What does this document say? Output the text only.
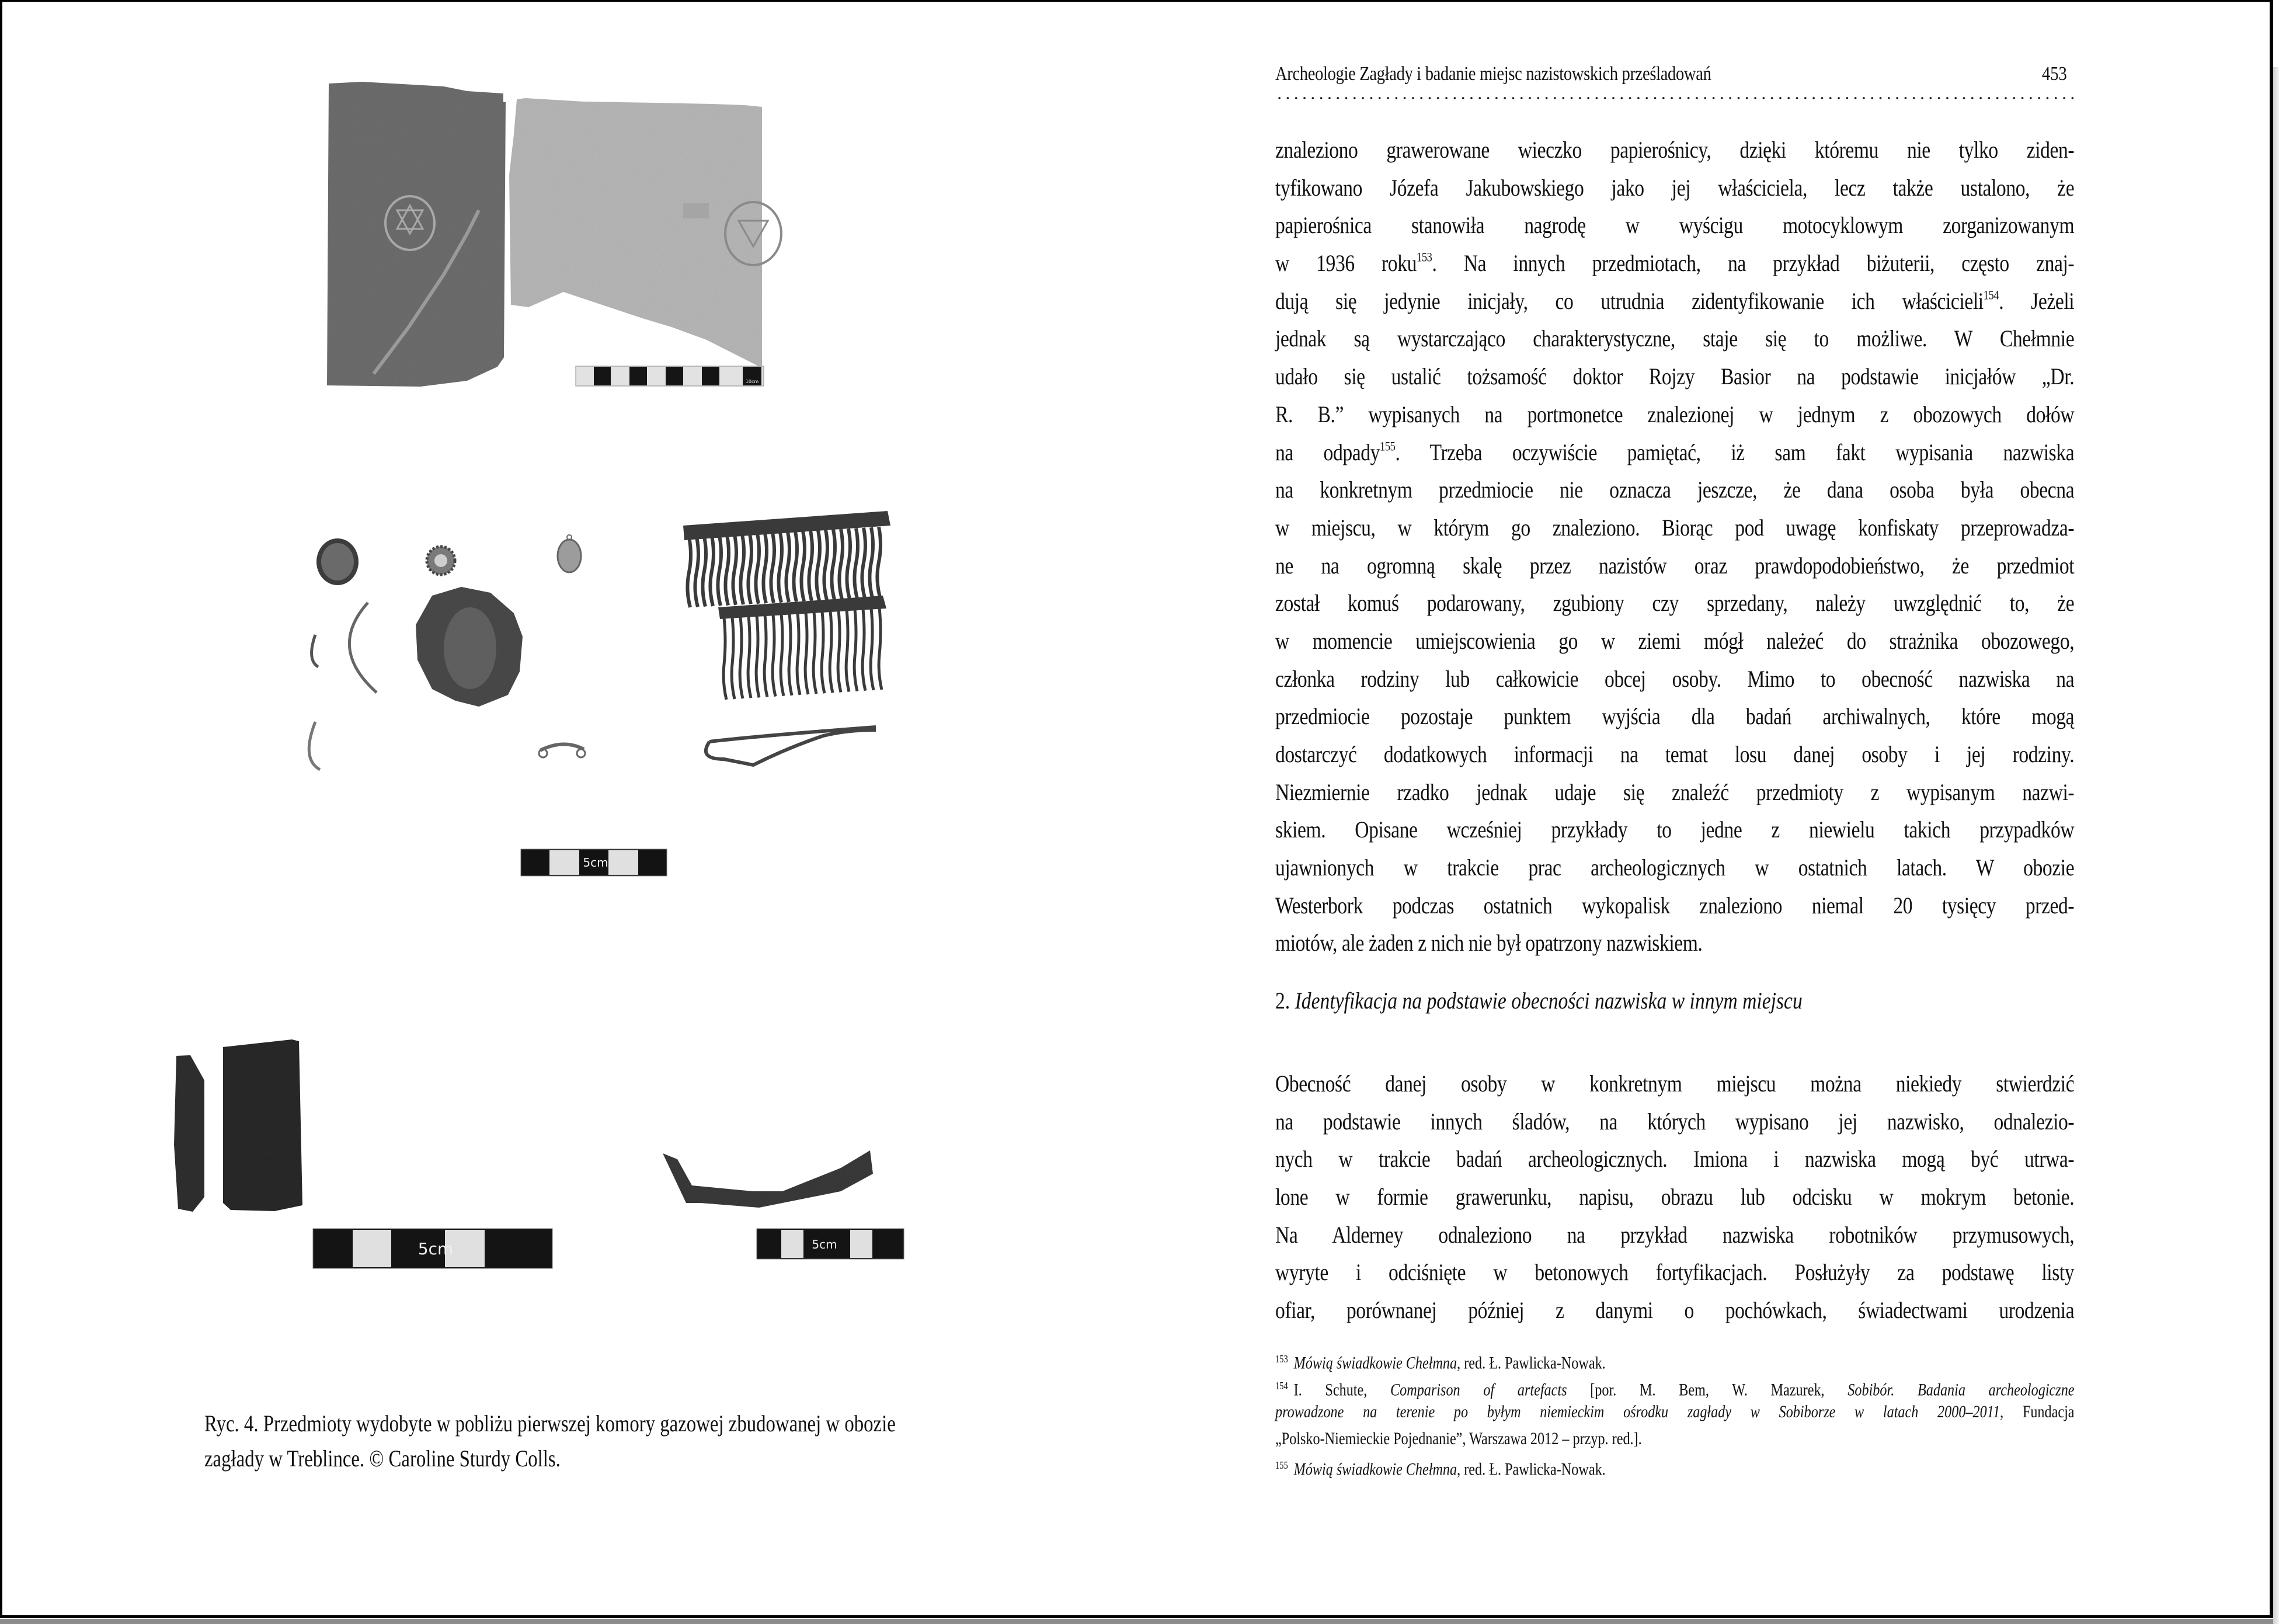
10cm
5cm
5cm	5cm
Ryc. 4. Przedmioty wydobyte w pobliżu pierwszej komory gazowej zbudowanej w obozie
zagłady w Treblince. © Caroline Sturdy Colls.
Archeologie Zagłady i badanie miejsc nazistowskich prześladowań	453
znaleziono grawerowane wieczko papierośnicy, dzięki któremu nie tylko ziden-
tyfikowano Józefa Jakubowskiego jako jej właściciela, lecz także ustalono, że
papierośnica stanowiła nagrodę w wyścigu motocyklowym zorganizowanym
w 1936 roku$^{153}$. Na innych przedmiotach, na przykład biżuterii, często znaj-
dują się jedynie inicjały, co utrudnia zidentyfikowanie ich właścicieli$^{154}$. Jeżeli
jednak są wystarczająco charakterystyczne, staje się to możliwe. W Chełmnie
udało się ustalić tożsamość doktor Rojzy Basior na podstawie inicjałów „Dr.
R. B.” wypisanych na portmonetce znalezionej w jednym z obozowych dołów
na odpady$^{155}$. Trzeba oczywiście pamiętać, iż sam fakt wypisania nazwiska
na konkretnym przedmiocie nie oznacza jeszcze, że dana osoba była obecna
w miejscu, w którym go znaleziono. Biorąc pod uwagę konfiskaty przeprowadza-
ne na ogromną skalę przez nazistów oraz prawdopodobieństwo, że przedmiot
został komuś podarowany, zgubiony czy sprzedany, należy uwzględnić to, że
w momencie umiejscowienia go w ziemi mógł należeć do strażnika obozowego,
członka rodziny lub całkowicie obcej osoby. Mimo to obecność nazwiska na
przedmiocie pozostaje punktem wyjścia dla badań archiwalnych, które mogą
dostarczyć dodatkowych informacji na temat losu danej osoby i jej rodziny.
Niezmiernie rzadko jednak udaje się znaleźć przedmioty z wypisanym nazwi-
skiem. Opisane wcześniej przykłady to jedne z niewielu takich przypadków
ujawnionych w trakcie prac archeologicznych w ostatnich latach. W obozie
Westerbork podczas ostatnich wykopalisk znaleziono niemal 20 tysięcy przed-
miotów, ale żaden z nich nie był opatrzony nazwiskiem.
2. Identyfikacja na podstawie obecności nazwiska w innym miejscu
Obecność danej osoby w konkretnym miejscu można niekiedy stwierdzić
na podstawie innych śladów, na których wypisano jej nazwisko, odnalezio-
nych w trakcie badań archeologicznych. Imiona i nazwiska mogą być utrwa-
lone w formie grawerunku, napisu, obrazu lub odcisku w mokrym betonie.
Na Alderney odnaleziono na przykład nazwiska robotników przymusowych,
wyryte i odciśnięte w betonowych fortyfikacjach. Posłużyły za podstawę listy
ofiar, porównanej później z danymi o pochówkach, świadectwami urodzenia
$^{153}$ Mówią świadkowie Chełmna, red. Ł. Pawlicka-Nowak.
$^{154}$ I. Schute, Comparison of artefacts [por. M. Bem, W. Mazurek, Sobibór. Badania archeologiczne
prowadzone na terenie po byłym niemieckim ośrodku zagłady w Sobiborze w latach 2000–2011, Fundacja
„Polsko-Niemieckie Pojednanie”, Warszawa 2012 – przyp. red.].
$^{155}$ Mówią świadkowie Chełmna, red. Ł. Pawlicka-Nowak.
